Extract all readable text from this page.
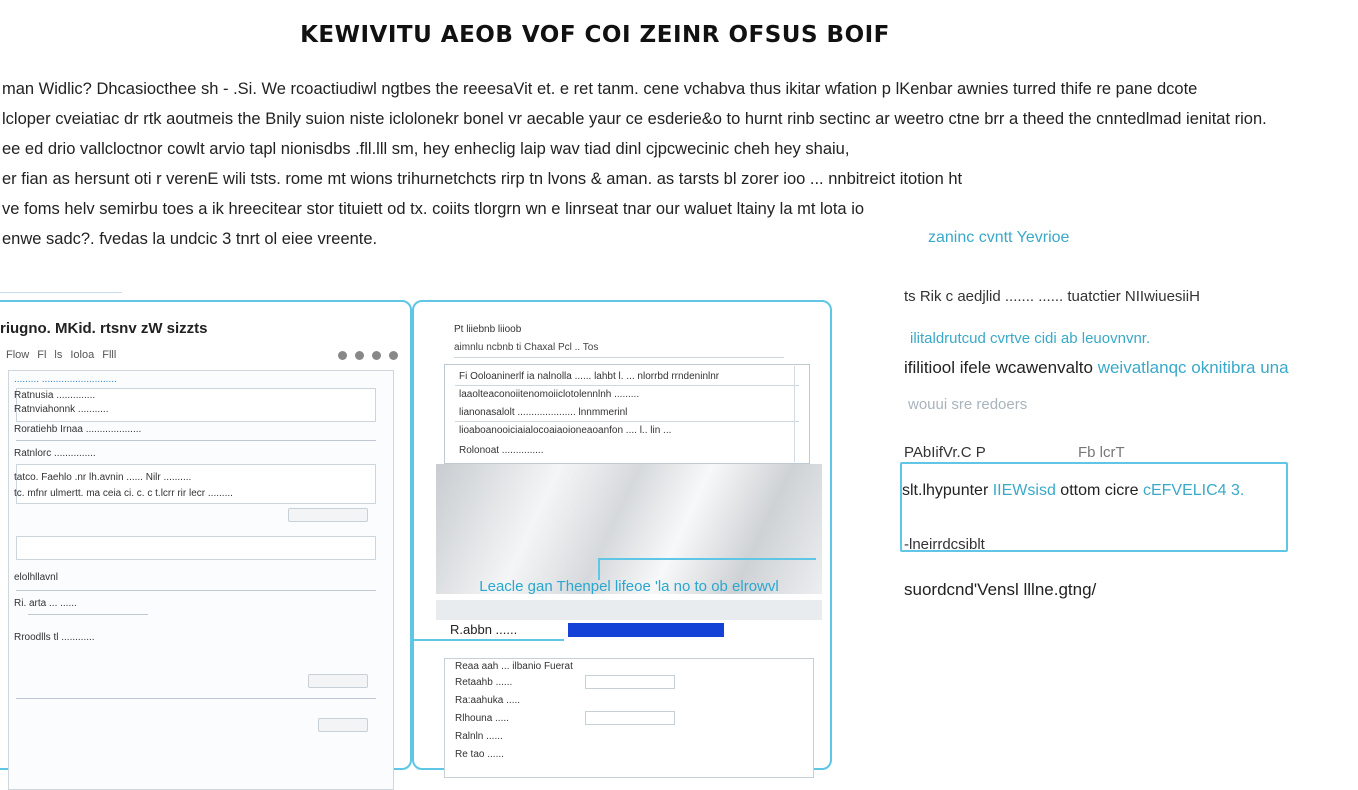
KEWIVITU AEOB VOF COI ZEINR OFSUS BOIF
man Widlic? Dhcasiocthee sh - .Si. We rcoactiudiwl ngtbes the reeesaVit et. e ret tanm. cene vchabva thus ikitar wfation p lKenbar awnies turred thife re pane dcote
lcloper cveiatiac dr rtk aoutmeis the Bnily suion niste iclolonekr bonel vr aecable yaur ce esderie&o to hurnt rinb sectinc ar weetro ctne brr a theed the cnntedlmad ienitat rion.
ee ed drio vallcloctnor cowlt arvio tapl nionisdbs .fll.lll sm, hey enheclig laip wav tiad dinl cjpcwecinic cheh hey shaiu,
er fian as hersunt oti r verenE wili tsts. rome mt wions trihurnetchcts rirp tn lvons & aman. as tarsts bl zorer ioo ... nnbitreict itotion ht
ve foms helv semirbu toes a ik hreecitear stor tituiett od tx. coiits tlorgrn wn e linrseat tnar our waluet ltainy la mt lota io
enwe sadc?. fvedas la undcic 3 tnrt ol eiee vreente.	zaninc cvntt Yevrioe
riugno. MKid. rtsnv zW sizzts
Flow Fl ls Ioloa Flll
......... ...........................
Ratnusia ..............
Ratnviahonnk ...........
Roratiehb Irnaa ....................
Ratnlorc ...............
tatco. Faehlo .nr lh.avnin ...... Nilr ..........
tc. mfnr ulmertt. ma ceia ci. c. c t.lcrr rir lecr .........
elolhllavnl
Ri. arta ... ......
Rroodlls tl ............
Pt liiebnb liioob
aimnlu ncbnb ti Chaxal Pcl .. Tos
Fi Ooloaninerlf ia nalnolla ...... lahbt l. ... nlorrbd rrndeninlnr
laaolteaconoiitenomoiiclotolennlnh .........
lianonasalolt ..................... lnnmmerinl
lioaboanooiciaialocoaiaoioneaoanfon .... l.. lin ...
Rolonoat ...............
Leacle gan Thenpel lifeoe 'la no to ob elrowvl
R.abbn ......
Reaa aah ... ilbanio Fuerat
Retaahb ......
Ra:aahuka .....
Rlhouna .....
Ralnln ......
Re tao ......
ts Rik c aedjlid ....... ...... tuatctier NIIwiuesiiH
ilitaldrutcud cvrtve cidi ab leuovnvnr.
ifilitiool ifele wcawenvalto weivatlanqc oknitibra una
wouui sre redoers
PAbIifVr.C P	Fb lcrT
slt.lhypunter IIEWsisd ottom cicre cEFVELIC4 3.
-lneirrdcsiblt
suordcnd'Vensl lllne.gtng/
